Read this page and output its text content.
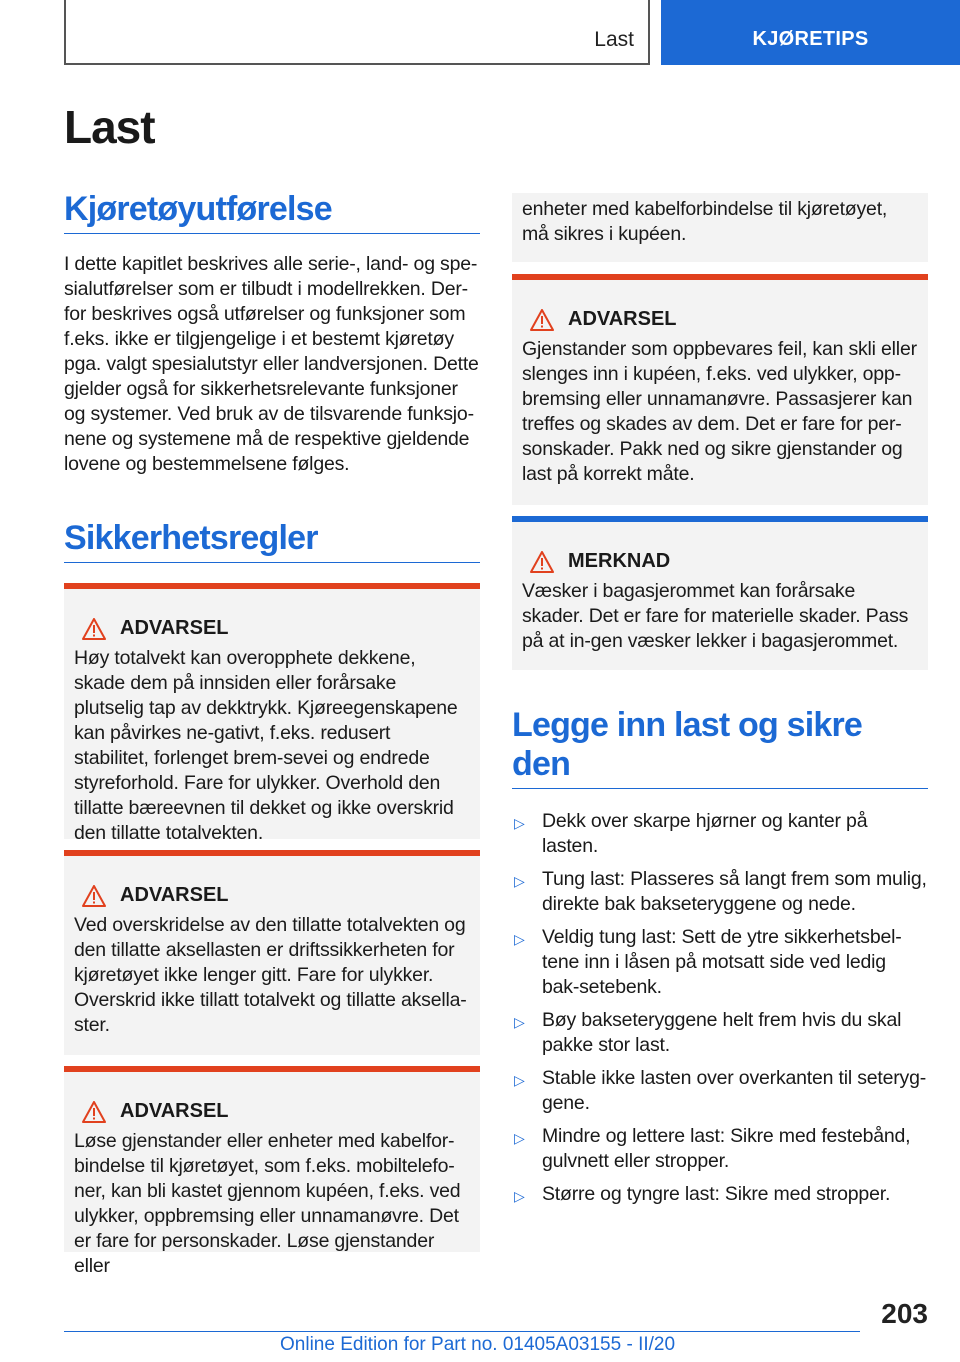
Last	KJØRETIPS
Last
Kjøretøyutførelse

I dette kapitlet beskrives alle serie-, land- og spe-sialutførelser som er tilbudt i modellrekken. Der-for beskrives også utførelser og funksjoner som f.eks. ikke er tilgjengelige i et bestemt kjøretøy pga. valgt spesialutstyr eller landversjonen. Dette gjelder også for sikkerhetsrelevante funksjoner og systemer. Ved bruk av de tilsvarende funksjo-nene og systemene må de respektive gjeldende lovene og bestemmelsene følges.

Sikkerhetsregler
ADVARSEL

Høy totalvekt kan overopphete dekkene, skade dem på innsiden eller forårsake plutselig tap av dekktrykk. Kjøreegenskapene kan påvirkes ne-gativt, f.eks. redusert stabilitet, forlenget brem-sevei og endrede styreforhold. Fare for ulykker. Overhold den tillatte bæreevnen til dekket og ikke overskrid den tillatte totalvekten.

ADVARSEL

Ved overskridelse av den tillatte totalvekten og den tillatte aksellasten er driftssikkerheten for kjøretøyet ikke lenger gitt. Fare for ulykker. Overskrid ikke tillatt totalvekt og tillatte aksella-ster.

ADVARSEL

Løse gjenstander eller enheter med kabelfor-bindelse til kjøretøyet, som f.eks. mobiltelefo-ner, kan bli kastet gjennom kupéen, f.eks. ved ulykker, oppbremsing eller unnamanøvre. Det er fare for personskader. Løse gjenstander eller

enheter med kabelforbindelse til kjøretøyet, må sikres i kupéen.

ADVARSEL

Gjenstander som oppbevares feil, kan skli eller slenges inn i kupéen, f.eks. ved ulykker, opp-bremsing eller unnamanøvre. Passasjerer kan treffes og skades av dem. Det er fare for per-sonskader. Pakk ned og sikre gjenstander og last på korrekt måte.

MERKNAD

Væsker i bagasjerommet kan forårsake skader. Det er fare for materielle skader. Pass på at in-gen væsker lekker i bagasjerommet.

Legge inn last og sikre den
▷ Dekk over skarpe hjørner og kanter på lasten.
▷ Tung last: Plasseres så langt frem som mulig, direkte bak bakseteryggene og nede.
▷ Veldig tung last: Sett de ytre sikkerhetsbel-tene inn i låsen på motsatt side ved ledig bak-setebenk.
▷ Bøy bakseteryggene helt frem hvis du skal pakke stor last.
▷ Stable ikke lasten over overkanten til seteryg-gene.
▷ Mindre og lettere last: Sikre med festebånd, gulvnett eller stropper.
▷ Større og tyngre last: Sikre med stropper.
203
Online Edition for Part no. 01405A03155 - II/20
